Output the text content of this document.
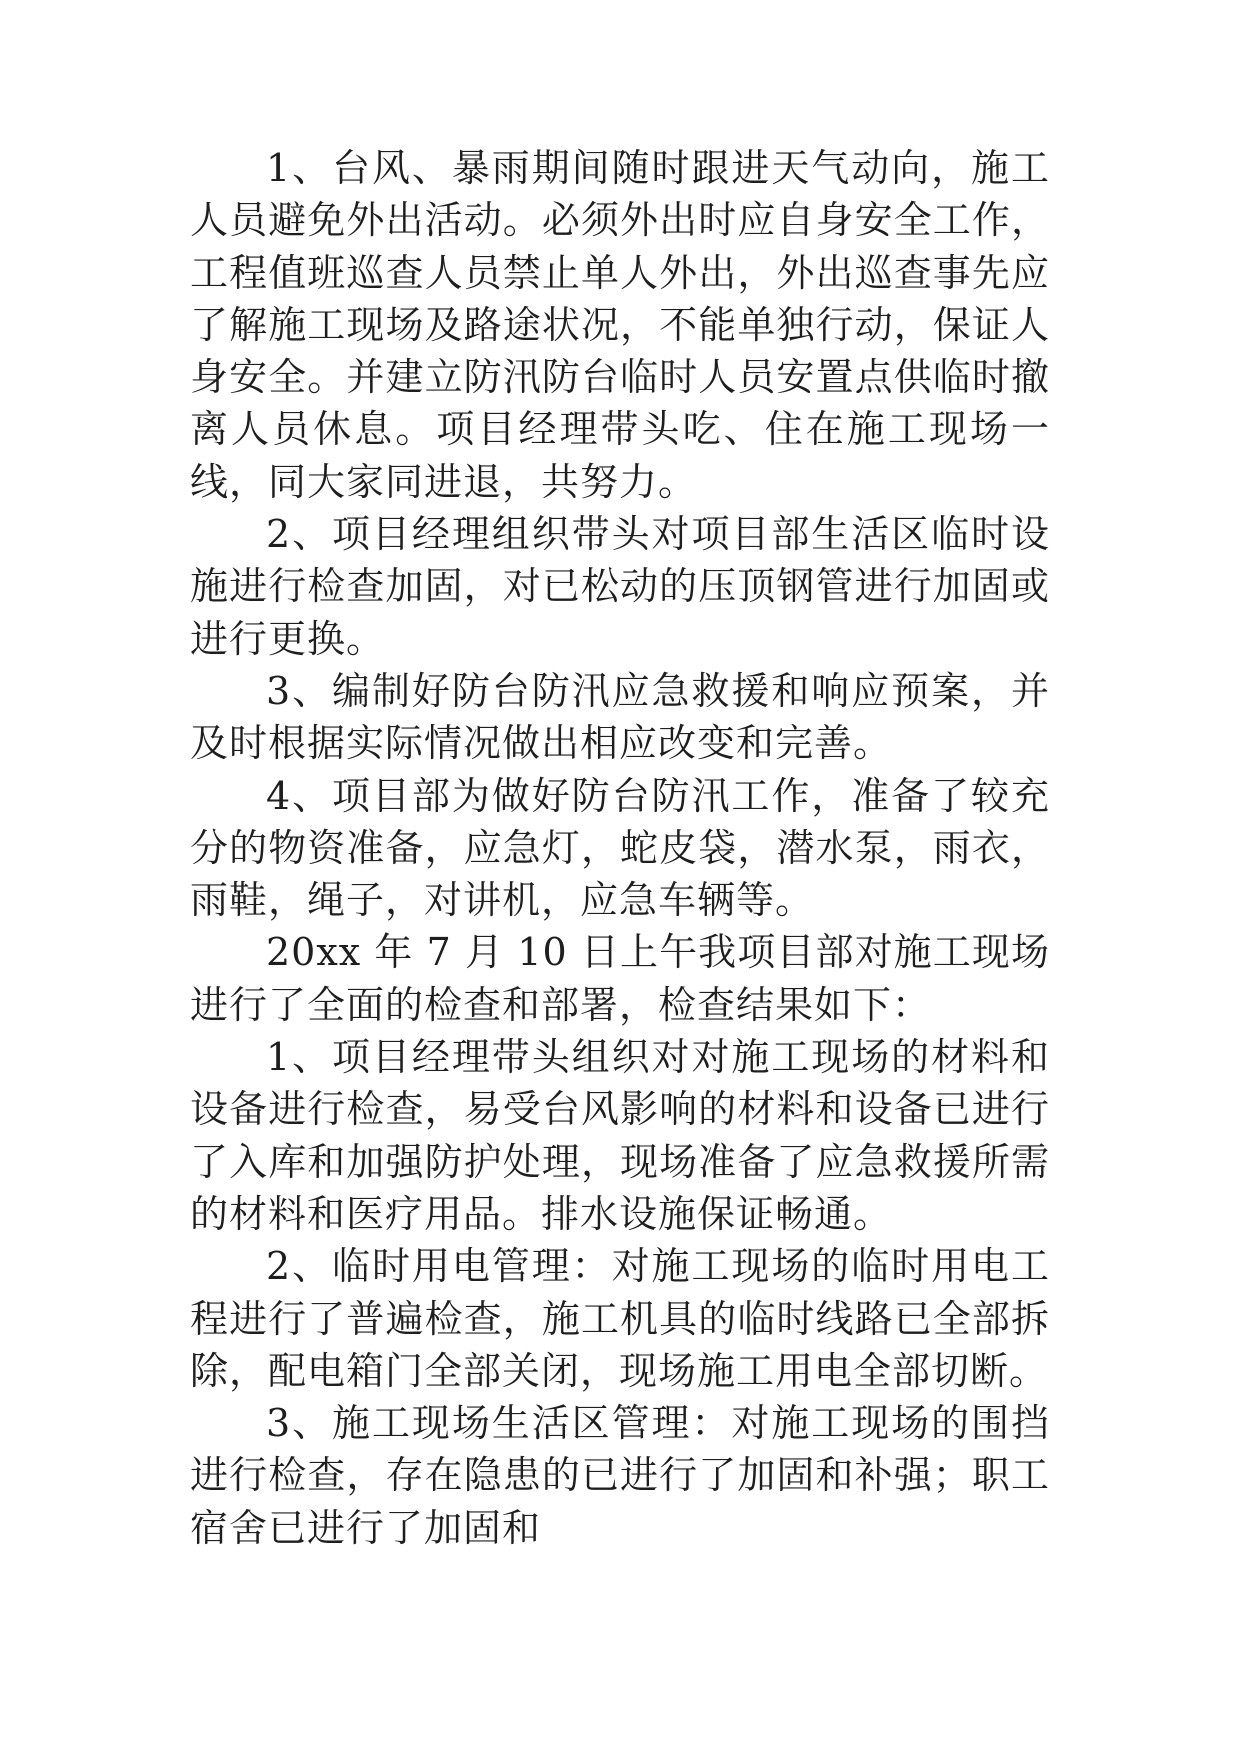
1、台风、暴雨期间随时跟进天气动向，施工人员避免外出活动。必须外出时应自身安全工作，工程值班巡查人员禁止单人外出，外出巡查事先应了解施工现场及路途状况，不能单独行动，保证人身安全。并建立防汛防台临时人员安置点供临时撤离人员休息。项目经理带头吃、住在施工现场一线，同大家同进退，共努力。

2、项目经理组织带头对项目部生活区临时设施进行检查加固，对已松动的压顶钢管进行加固或进行更换。

3、编制好防台防汛应急救援和响应预案，并及时根据实际情况做出相应改变和完善。

4、项目部为做好防台防汛工作，准备了较充分的物资准备，应急灯，蛇皮袋，潜水泵，雨衣，雨鞋，绳子，对讲机，应急车辆等。

20xx 年 7 月 10 日上午我项目部对施工现场进行了全面的检查和部署，检查结果如下：

1、项目经理带头组织对对施工现场的材料和设备进行检查，易受台风影响的材料和设备已进行了入库和加强防护处理，现场准备了应急救援所需的材料和医疗用品。排水设施保证畅通。

2、临时用电管理：对施工现场的临时用电工程进行了普遍检查，施工机具的临时线路已全部拆除，配电箱门全部关闭，现场施工用电全部切断。

3、施工现场生活区管理：对施工现场的围挡进行检查，存在隐患的已进行了加固和补强；职工宿舍已进行了加固和
